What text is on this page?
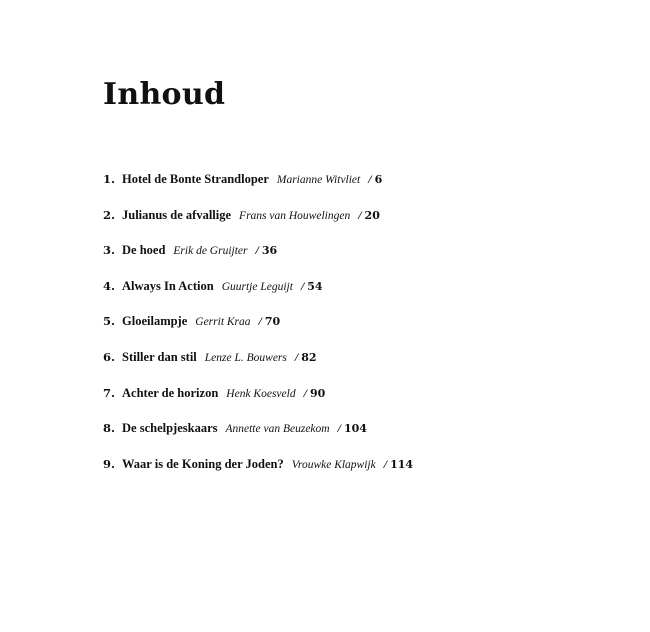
Inhoud
1. Hotel de Bonte Strandloper Marianne Witvliet / 6
2. Julianus de afvallige Frans van Houwelingen / 20
3. De hoed Erik de Gruijter / 36
4. Always In Action Guurtje Leguijt / 54
5. Gloeilampje Gerrit Kraa / 70
6. Stiller dan stil Lenze L. Bouwers / 82
7. Achter de horizon Henk Koesveld / 90
8. De schelpjeskaars Annette van Beuzekom / 104
9. Waar is de Koning der Joden? Vrouwke Klapwijk / 114
